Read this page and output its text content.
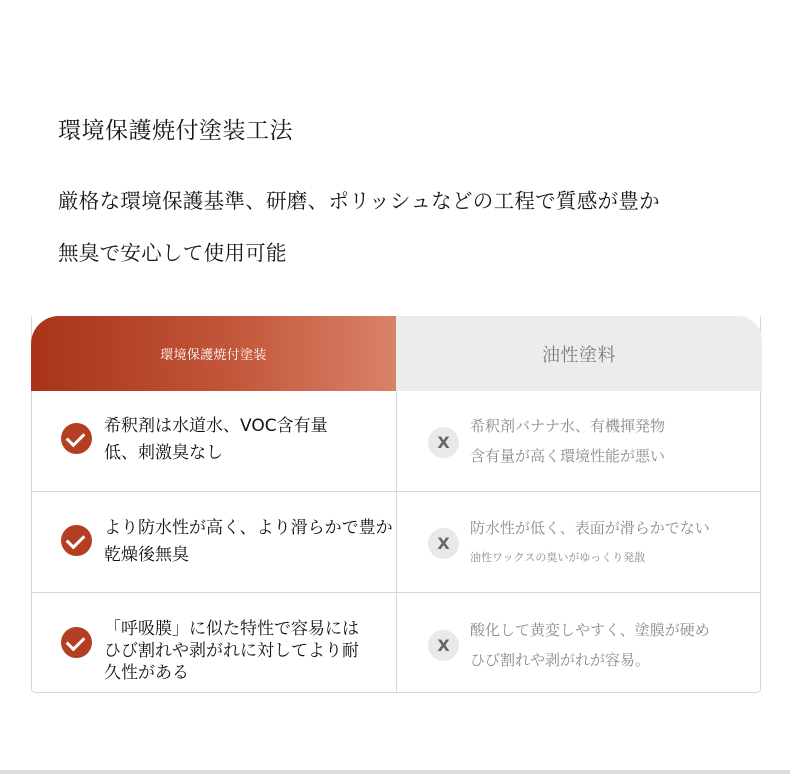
環境保護焼付塗装工法
厳格な環境保護基準、研磨、ポリッシュなどの工程で質感が豊か
無臭で安心して使用可能
環境保護焼付塗装	油性塗料
希釈剤は水道水、VOC含有量
低、刺激臭なし
X
希釈剤バナナ水、有機揮発物
含有量が高く環境性能が悪い
より防水性が高く、より滑らかで豊か
乾燥後無臭
X
防水性が低く、表面が滑らかでない
油性ワックスの臭いがゆっくり発散
「呼吸膜」に似た特性で容易には
ひび割れや剥がれに対してより耐
久性がある
X
酸化して黄変しやすく、塗膜が硬め
ひび割れや剥がれが容易。
